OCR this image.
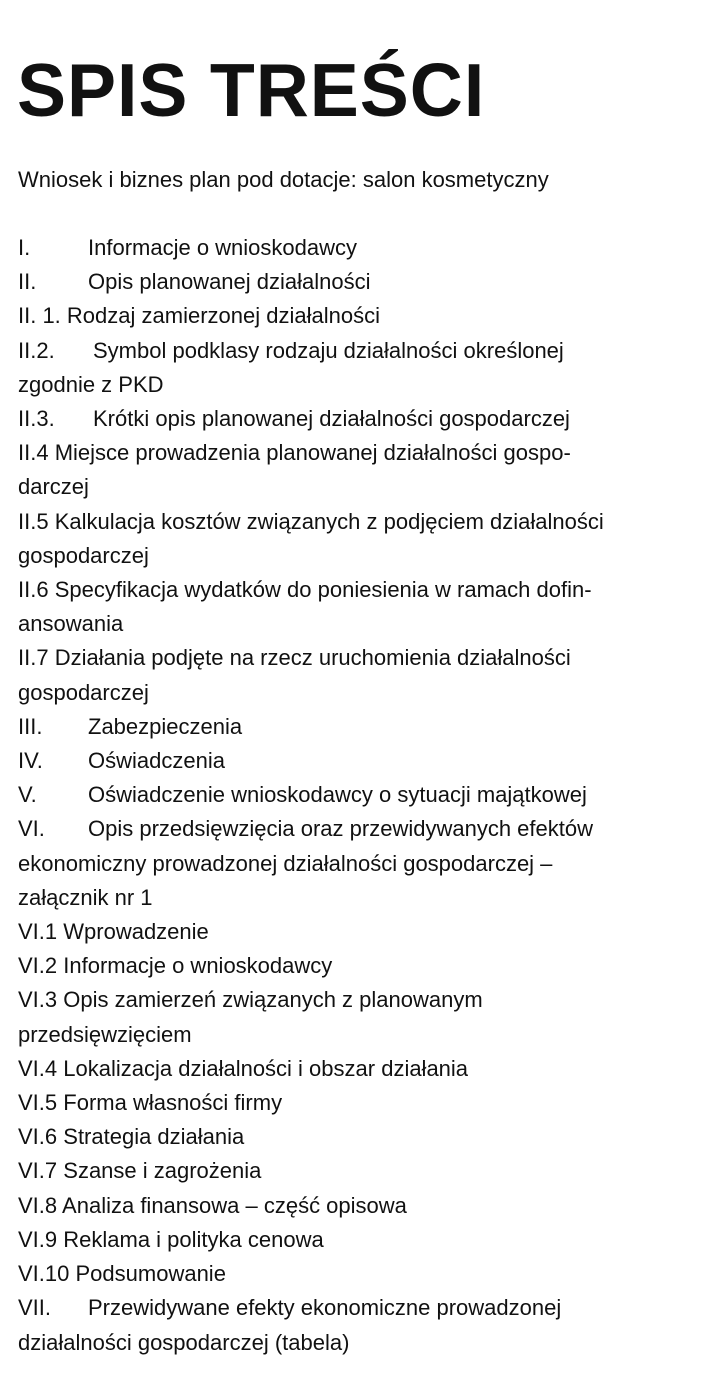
SPIS TREŚCI

Wniosek i biznes plan pod dotacje: salon kosmetyczny

I.	Informacje o wnioskodawcy
II. Opis planowanej działalności
II. 1. Rodzaj zamierzonej działalności
II.2. Symbol podklasy rodzaju działalności określonej
zgodnie z PKD
II.3. Krótki opis planowanej działalności gospodarczej
II.4 Miejsce prowadzenia planowanej działalności gospo-
darczej
II.5 Kalkulacja kosztów związanych z podjęciem działalności
gospodarczej
II.6 Specyfikacja wydatków do poniesienia w ramach dofin-
ansowania
II.7 Działania podjęte na rzecz uruchomienia działalności
gospodarczej
III. Zabezpieczenia
IV. Oświadczenia
V. Oświadczenie wnioskodawcy o sytuacji majątkowej
VI. Opis przedsięwzięcia oraz przewidywanych efektów
ekonomiczny prowadzonej działalności gospodarczej –
załącznik nr 1
VI.1 Wprowadzenie
VI.2 Informacje o wnioskodawcy
VI.3 Opis zamierzeń związanych z planowanym
przedsięwzięciem
VI.4 Lokalizacja działalności i obszar działania
VI.5 Forma własności firmy
VI.6 Strategia działania
VI.7 Szanse i zagrożenia
VI.8 Analiza finansowa – część opisowa
VI.9 Reklama i polityka cenowa
VI.10 Podsumowanie
VII. Przewidywane efekty ekonomiczne prowadzonej
działalności gospodarczej (tabela)
